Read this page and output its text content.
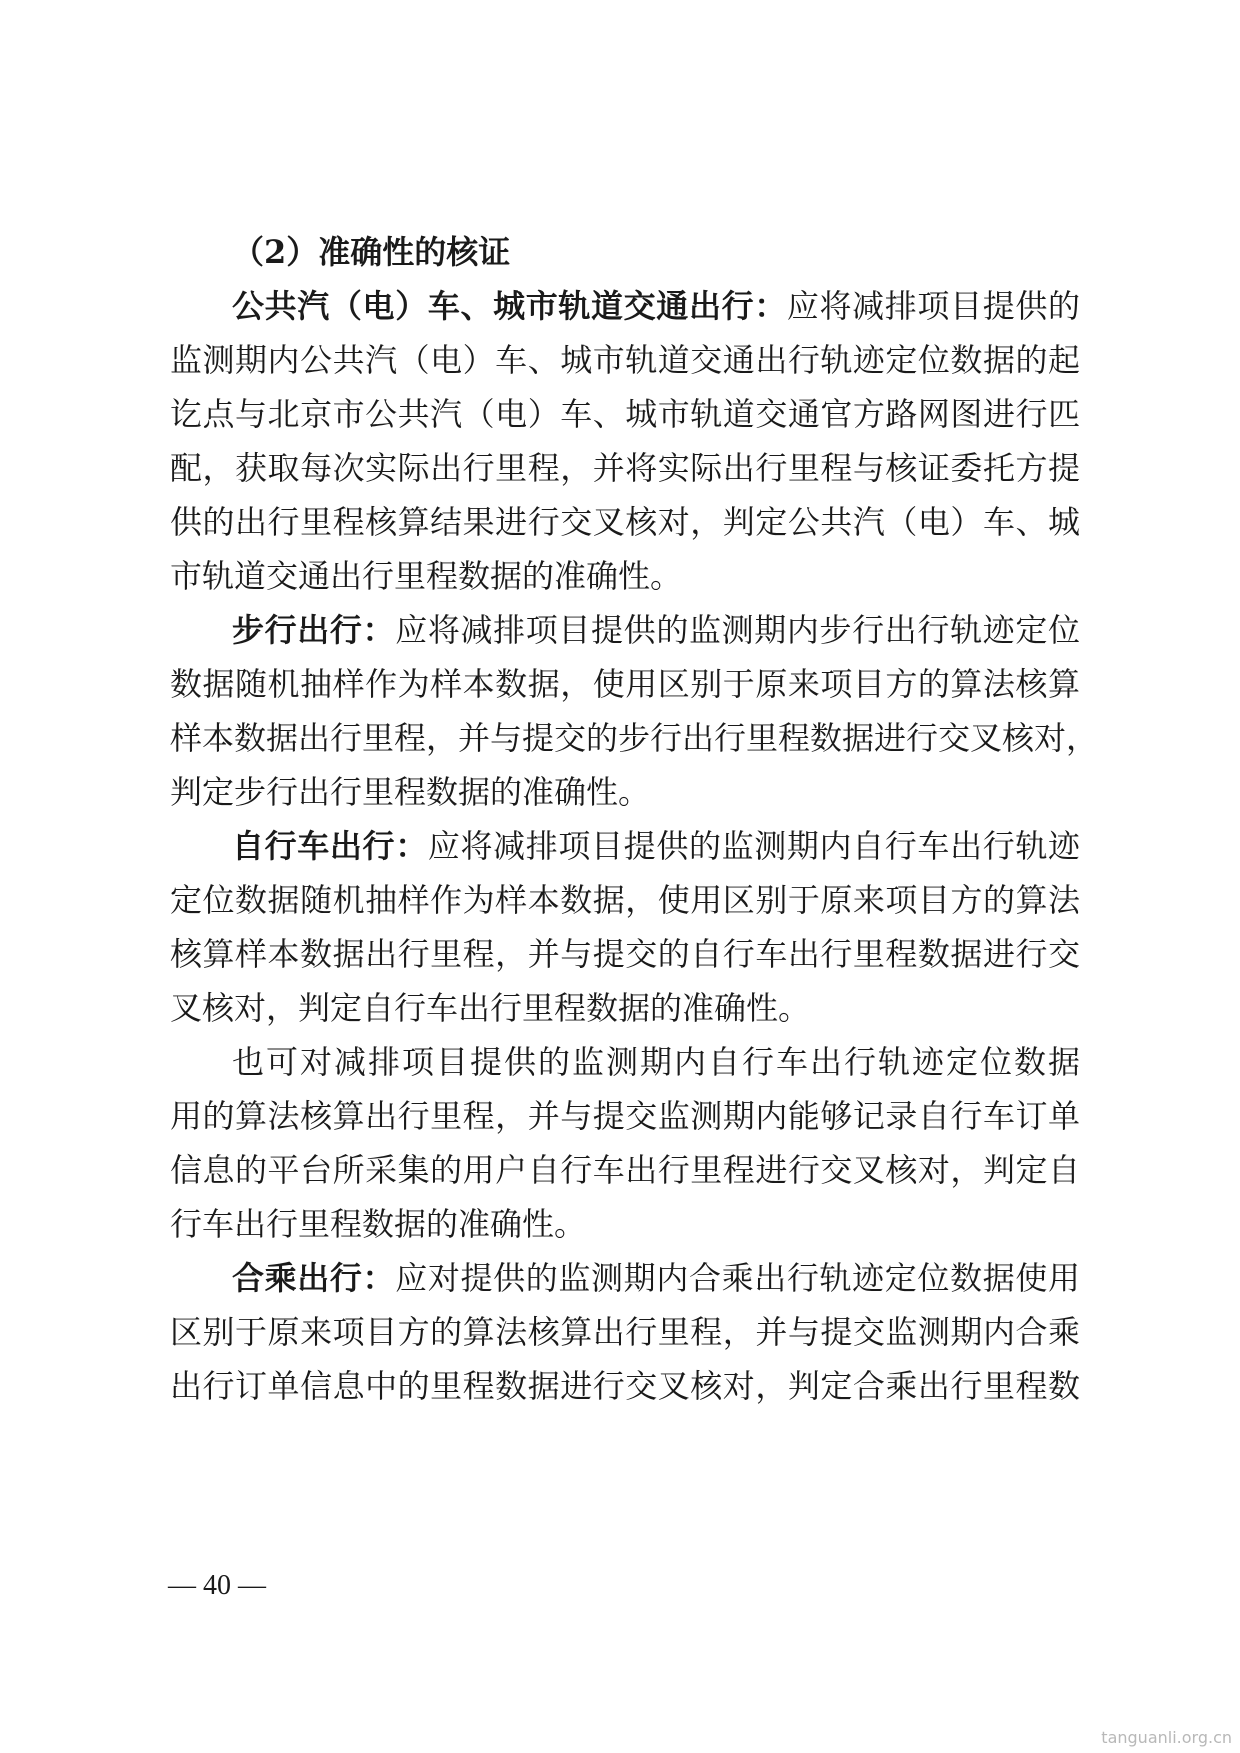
（2）准确性的核证
公共汽（电）车、城市轨道交通出行：应将减排项目提供的
监测期内公共汽（电）车、城市轨道交通出行轨迹定位数据的起
讫点与北京市公共汽（电）车、城市轨道交通官方路网图进行匹
配，获取每次实际出行里程，并将实际出行里程与核证委托方提
供的出行里程核算结果进行交叉核对，判定公共汽（电）车、城
市轨道交通出行里程数据的准确性。
步行出行：应将减排项目提供的监测期内步行出行轨迹定位
数据随机抽样作为样本数据，使用区别于原来项目方的算法核算
样本数据出行里程，并与提交的步行出行里程数据进行交叉核对，
判定步行出行里程数据的准确性。
自行车出行：应将减排项目提供的监测期内自行车出行轨迹
定位数据随机抽样作为样本数据，使用区别于原来项目方的算法
核算样本数据出行里程，并与提交的自行车出行里程数据进行交
叉核对，判定自行车出行里程数据的准确性。
也可对减排项目提供的监测期内自行车出行轨迹定位数据
用的算法核算出行里程，并与提交监测期内能够记录自行车订单
信息的平台所采集的用户自行车出行里程进行交叉核对，判定自
行车出行里程数据的准确性。
合乘出行：应对提供的监测期内合乘出行轨迹定位数据使用
区别于原来项目方的算法核算出行里程，并与提交监测期内合乘
出行订单信息中的里程数据进行交叉核对，判定合乘出行里程数
— 40 —
tanguanli.org.cn
